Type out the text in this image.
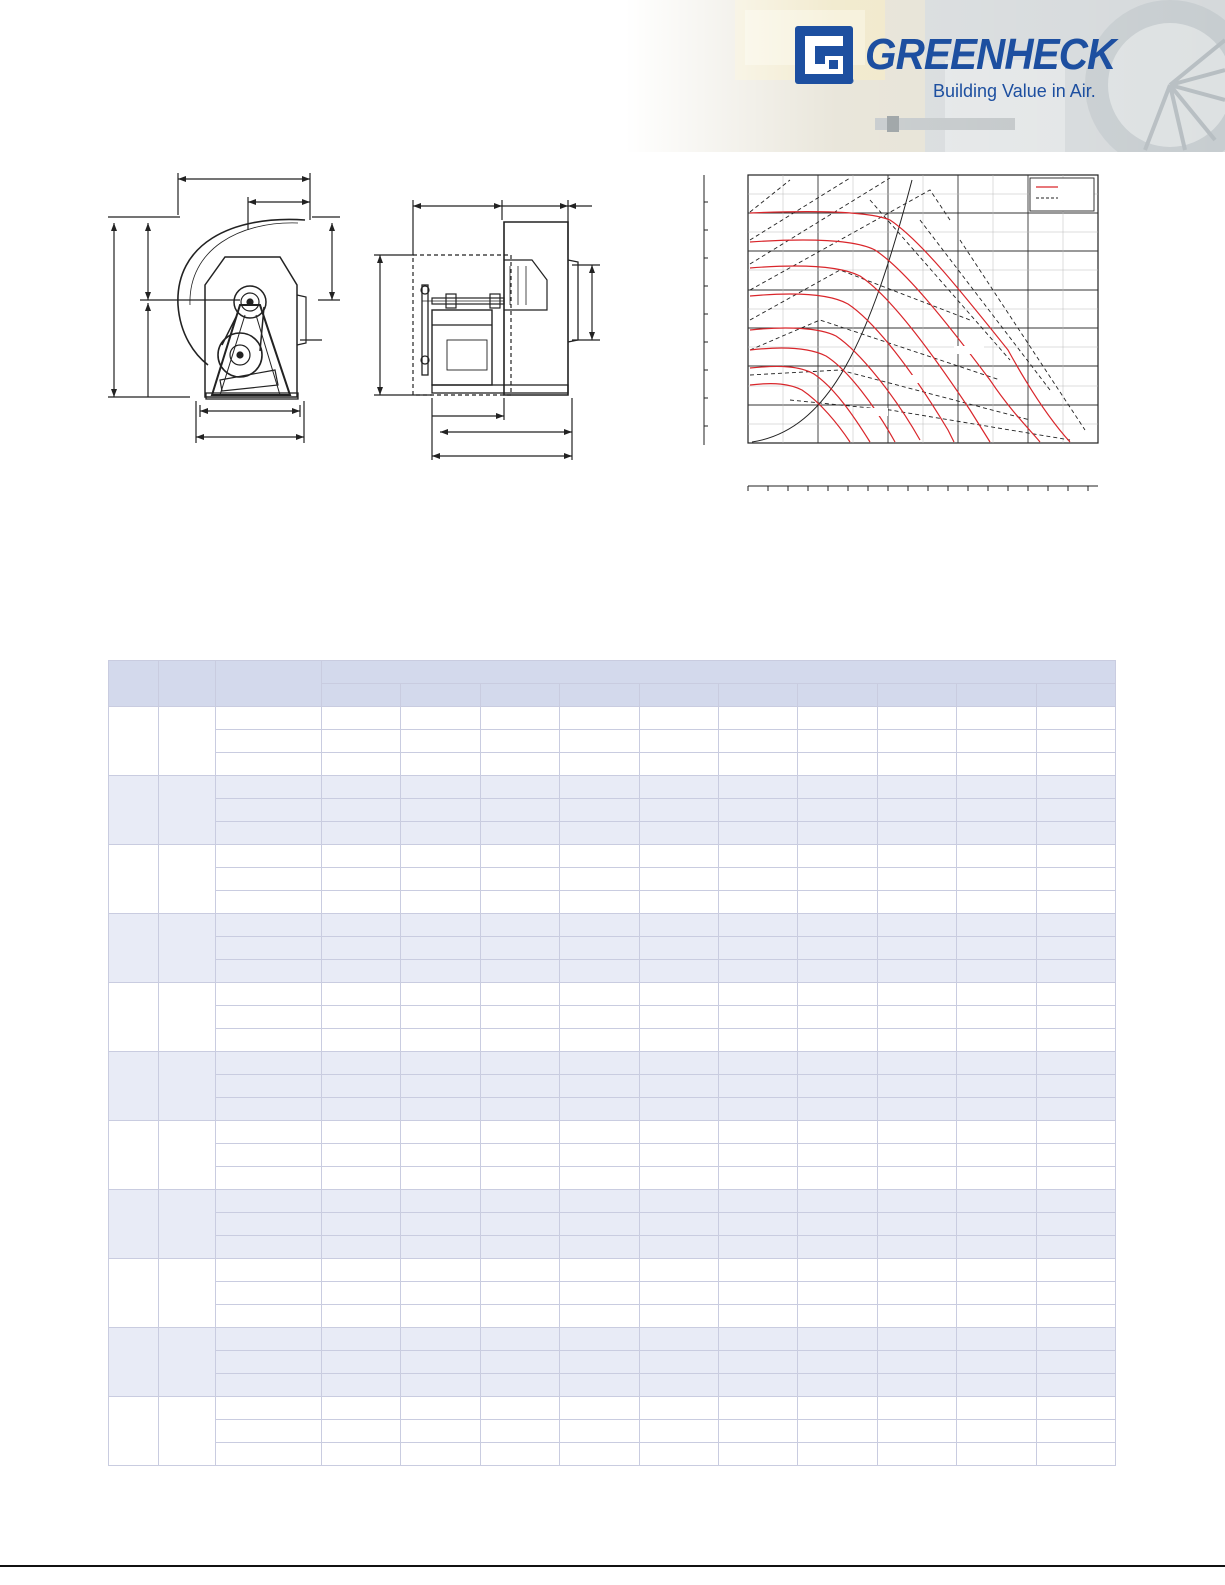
GREENHECK
®	Building Value in Air.
